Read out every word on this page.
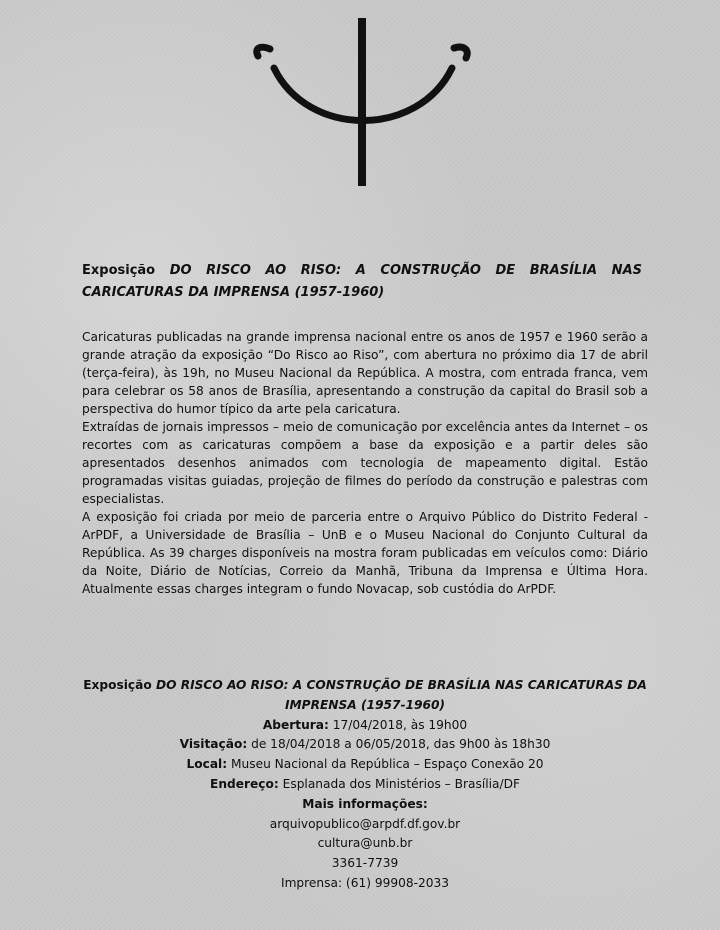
Exposição DO RISCO AO RISO: A CONSTRUÇÃO DE BRASÍLIA NAS CARICATURAS DA IMPRENSA (1957-1960)

Caricaturas publicadas na grande imprensa nacional entre os anos de 1957 e 1960 serão a grande atração da exposição “Do Risco ao Riso”, com abertura no próximo dia 17 de abril (terça-feira), às 19h, no Museu Nacional da República. A mostra, com entrada franca, vem para celebrar os 58 anos de Brasília, apresentando a construção da capital do Brasil sob a perspectiva do humor típico da arte pela caricatura.

Extraídas de jornais impressos – meio de comunicação por excelência antes da Internet – os recortes com as caricaturas compõem a base da exposição e a partir deles são apresentados desenhos animados com tecnologia de mapeamento digital. Estão programadas visitas guiadas, projeção de filmes do período da construção e palestras com especialistas.

A exposição foi criada por meio de parceria entre o Arquivo Público do Distrito Federal - ArPDF, a Universidade de Brasília – UnB e o Museu Nacional do Conjunto Cultural da República. As 39 charges disponíveis na mostra foram publicadas em veículos como: Diário da Noite, Diário de Notícias, Correio da Manhã, Tribuna da Imprensa e Última Hora. Atualmente essas charges integram o fundo Novacap, sob custódia do ArPDF.

Exposição DO RISCO AO RISO: A CONSTRUÇÃO DE BRASÍLIA NAS CARICATURAS DA IMPRENSA (1957-1960)
Abertura: 17/04/2018, às 19h00
Visitação: de 18/04/2018 a 06/05/2018, das 9h00 às 18h30
Local: Museu Nacional da República – Espaço Conexão 20
Endereço: Esplanada dos Ministérios – Brasília/DF
Mais informações:
arquivopublico@arpdf.df.gov.br
cultura@unb.br
3361-7739
Imprensa: (61) 99908-2033
